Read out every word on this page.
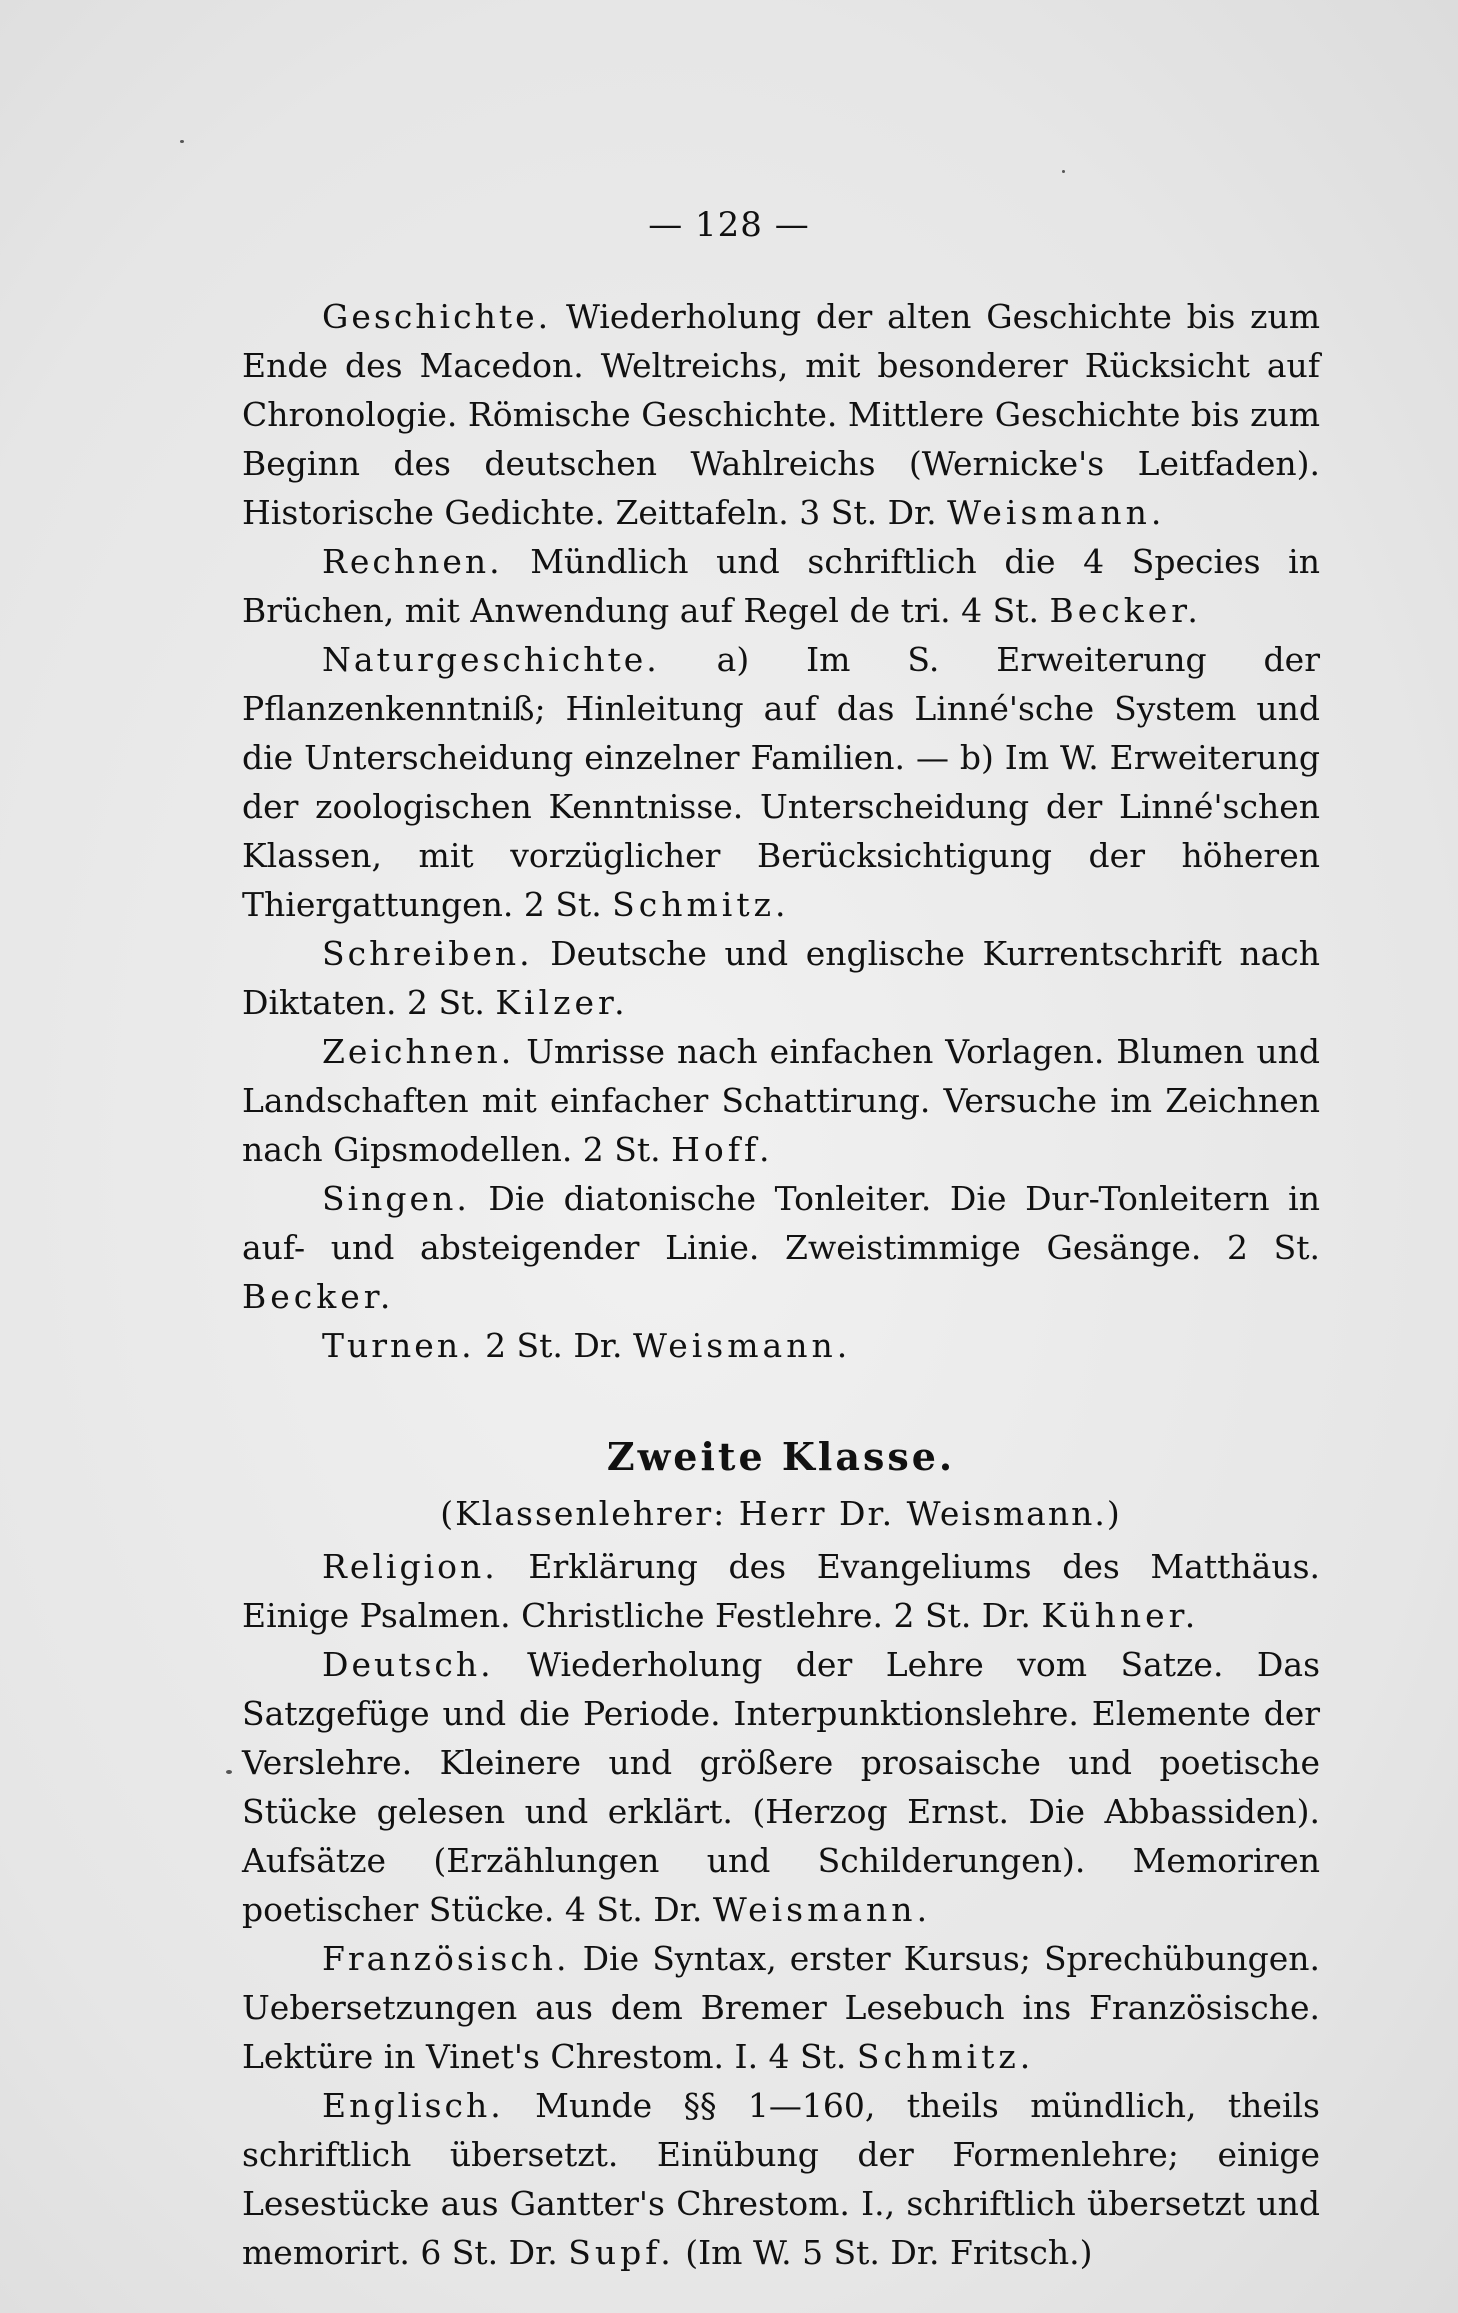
— 128 —

Geschichte. Wiederholung der alten Geschichte bis zum Ende des Macedon. Weltreichs, mit besonderer Rücksicht auf Chronologie. Römische Geschichte. Mittlere Geschichte bis zum Beginn des deutschen Wahlreichs (Wernicke's Leitfaden). Historische Gedichte. Zeittafeln. 3 St. Dr. Weismann.

Rechnen. Mündlich und schriftlich die 4 Species in Brüchen, mit Anwendung auf Regel de tri. 4 St. Becker.

Naturgeschichte. a) Im S. Erweiterung der Pflanzenkenntniß; Hinleitung auf das Linné'sche System und die Unterscheidung einzelner Familien. — b) Im W. Erweiterung der zoologischen Kenntnisse. Unterscheidung der Linné'schen Klassen, mit vorzüglicher Berücksichtigung der höheren Thiergattungen. 2 St. Schmitz.

Schreiben. Deutsche und englische Kurrentschrift nach Diktaten. 2 St. Kilzer.

Zeichnen. Umrisse nach einfachen Vorlagen. Blumen und Landschaften mit einfacher Schattirung. Versuche im Zeichnen nach Gipsmodellen. 2 St. Hoff.

Singen. Die diatonische Tonleiter. Die Dur-Tonleitern in auf- und absteigender Linie. Zweistimmige Gesänge. 2 St. Becker.

Turnen. 2 St. Dr. Weismann.

Zweite Klasse.
(Klassenlehrer: Herr Dr. Weismann.)

Religion. Erklärung des Evangeliums des Matthäus. Einige Psalmen. Christliche Festlehre. 2 St. Dr. Kühner.

Deutsch. Wiederholung der Lehre vom Satze. Das Satzgefüge und die Periode. Interpunktionslehre. Elemente der Verslehre. Kleinere und größere prosaische und poetische Stücke gelesen und erklärt. (Herzog Ernst. Die Abbassiden). Aufsätze (Erzählungen und Schilderungen). Memoriren poetischer Stücke. 4 St. Dr. Weismann.

Französisch. Die Syntax, erster Kursus; Sprechübungen. Uebersetzungen aus dem Bremer Lesebuch ins Französische. Lektüre in Vinet's Chrestom. I. 4 St. Schmitz.

Englisch. Munde §§ 1—160, theils mündlich, theils schriftlich übersetzt. Einübung der Formenlehre; einige Lesestücke aus Gantter's Chrestom. I., schriftlich übersetzt und memorirt. 6 St. Dr. Supf. (Im W. 5 St. Dr. Fritsch.)
